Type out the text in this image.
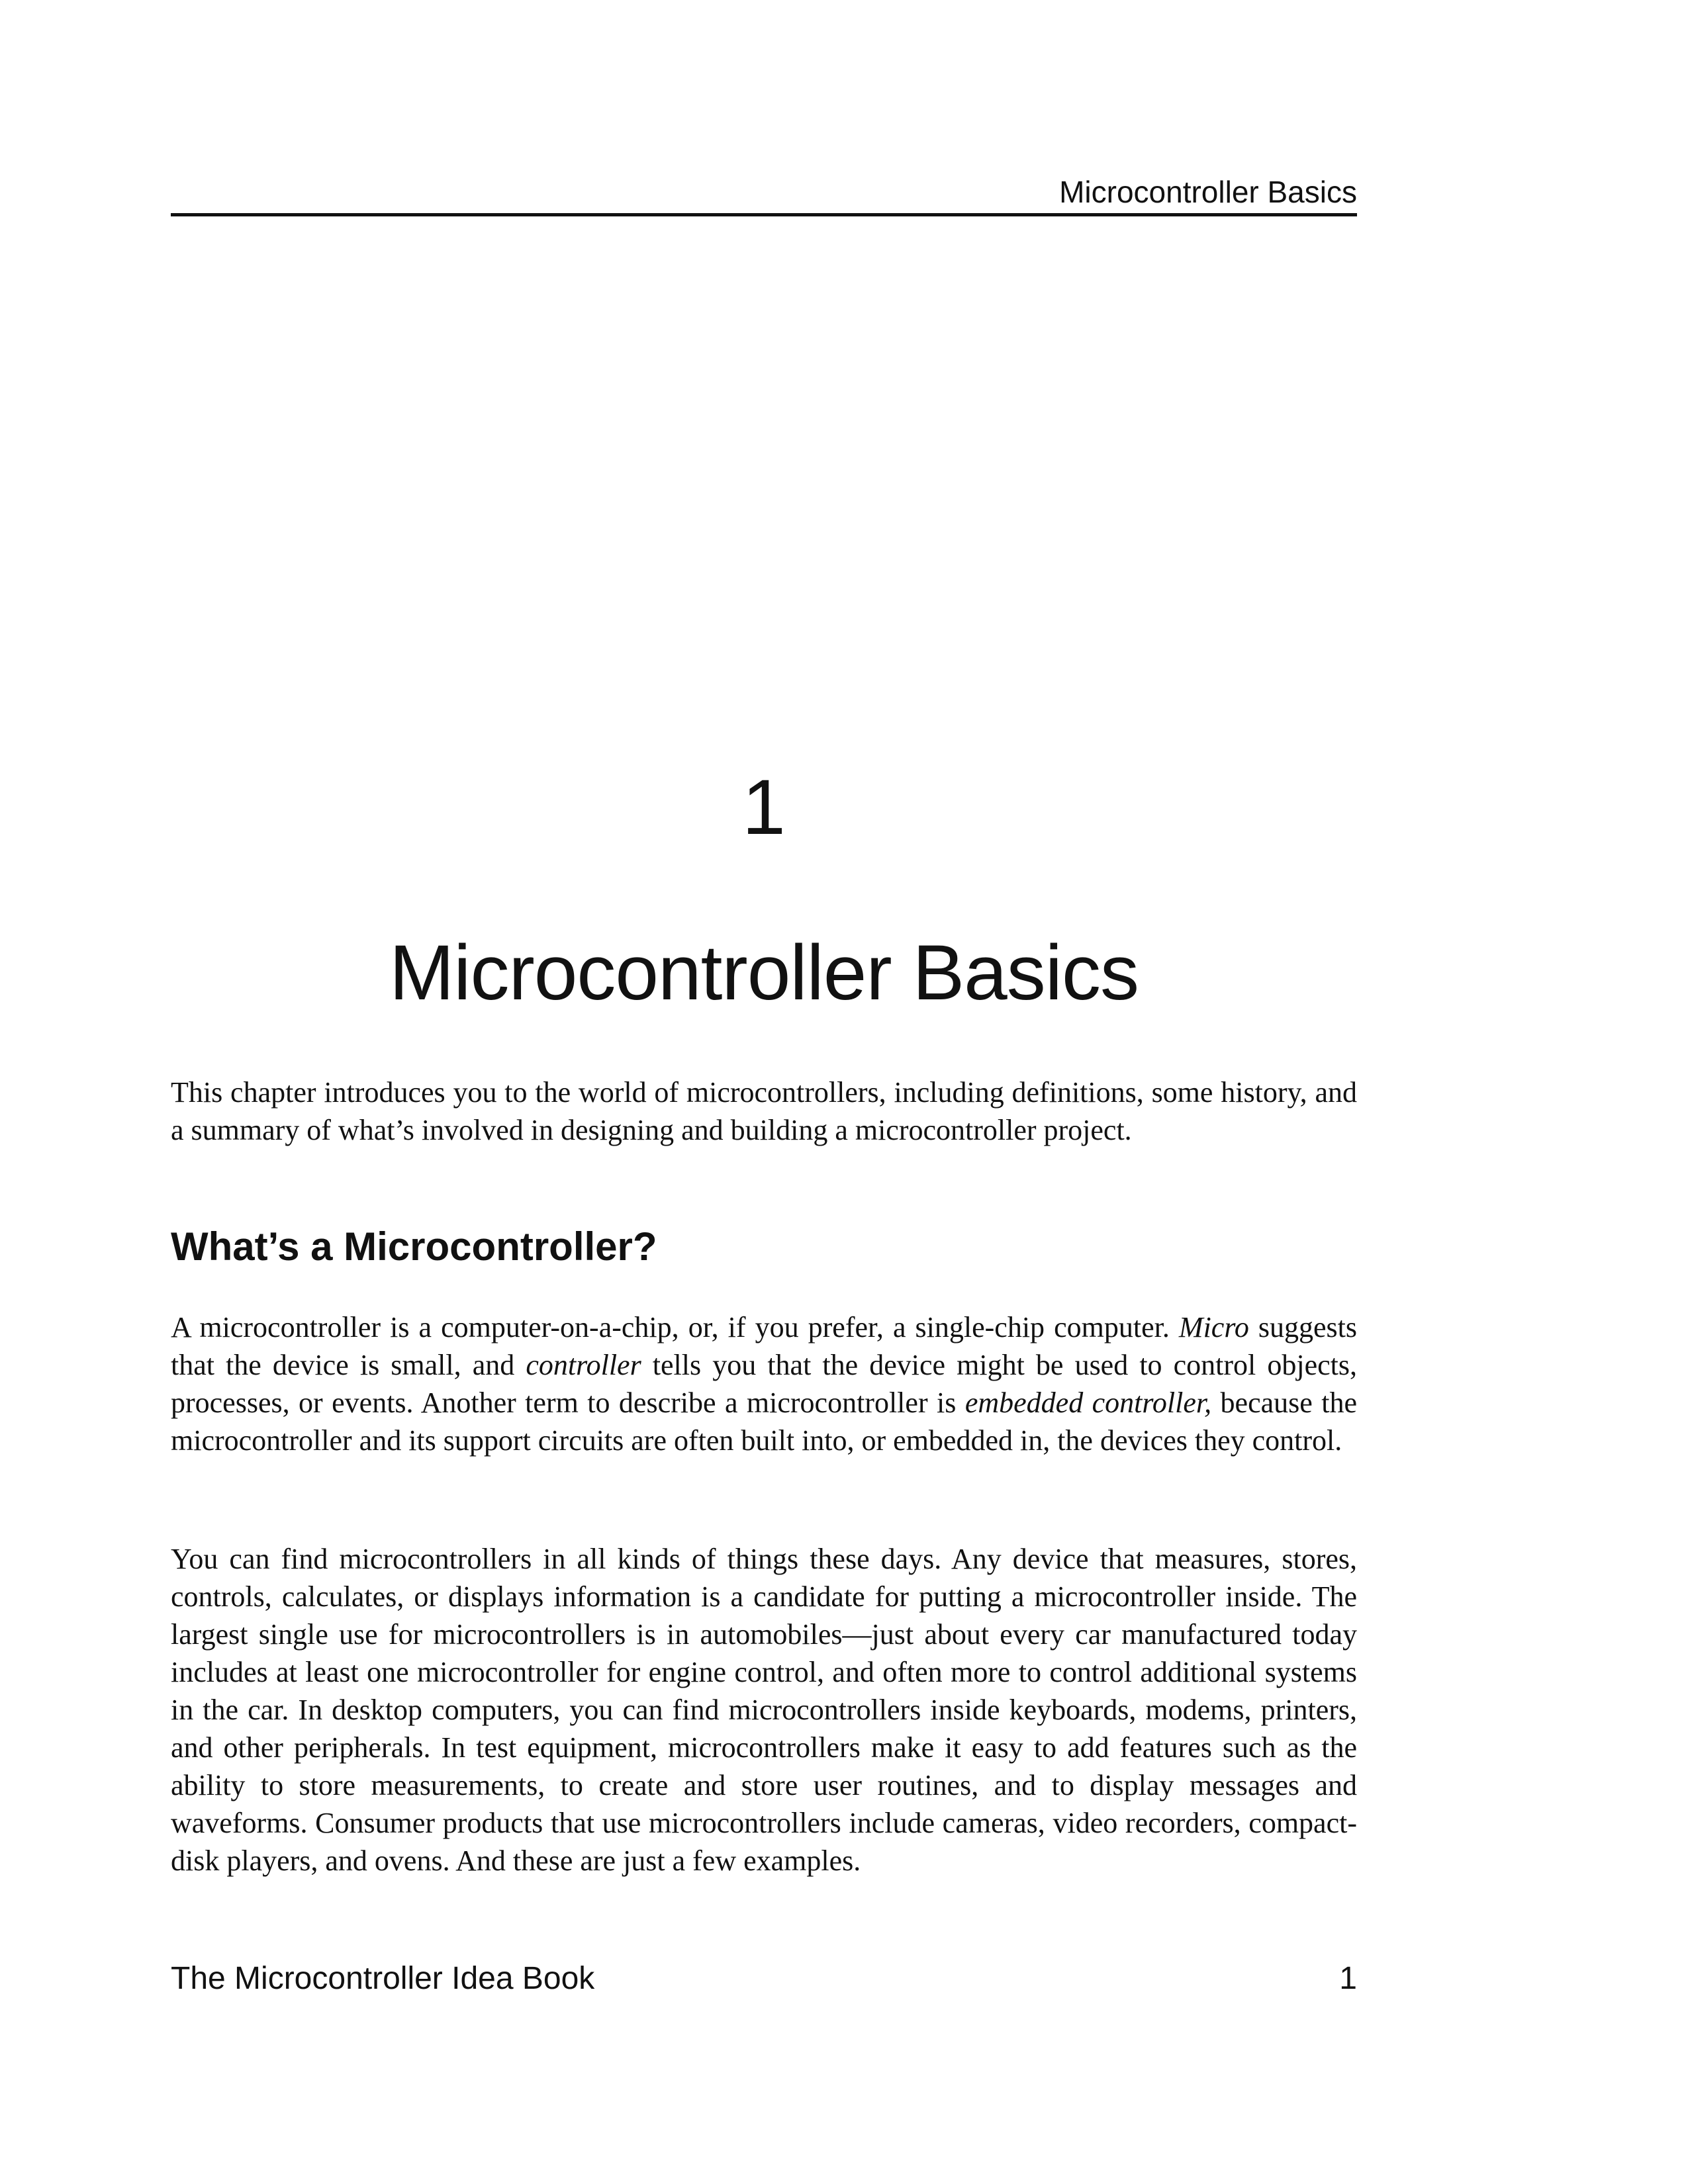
Microcontroller Basics
1
Microcontroller Basics

This chapter introduces you to the world of microcontrollers, including definitions, some history, and a summary of what’s involved in designing and building a microcontroller project.

What’s a Microcontroller?

A microcontroller is a computer-on-a-chip, or, if you prefer, a single-chip computer. Micro suggests that the device is small, and controller tells you that the device might be used to control objects, processes, or events. Another term to describe a microcontroller is embedded controller, because the microcontroller and its support circuits are often built into, or embedded in, the devices they control.

You can find microcontrollers in all kinds of things these days. Any device that measures, stores, controls, calculates, or displays information is a candidate for putting a microcontroller inside. The largest single use for microcontrollers is in automobiles—just about every car manufactured today includes at least one microcontroller for engine control, and often more to control additional systems in the car. In desktop computers, you can find microcontrollers inside keyboards, modems, printers, and other peripherals. In test equipment, microcontrollers make it easy to add features such as the ability to store measurements, to create and store user routines, and to display messages and waveforms. Consumer products that use microcontrollers include cameras, video recorders, compact-disk players, and ovens. And these are just a few examples.

The Microcontroller Idea Book	1
